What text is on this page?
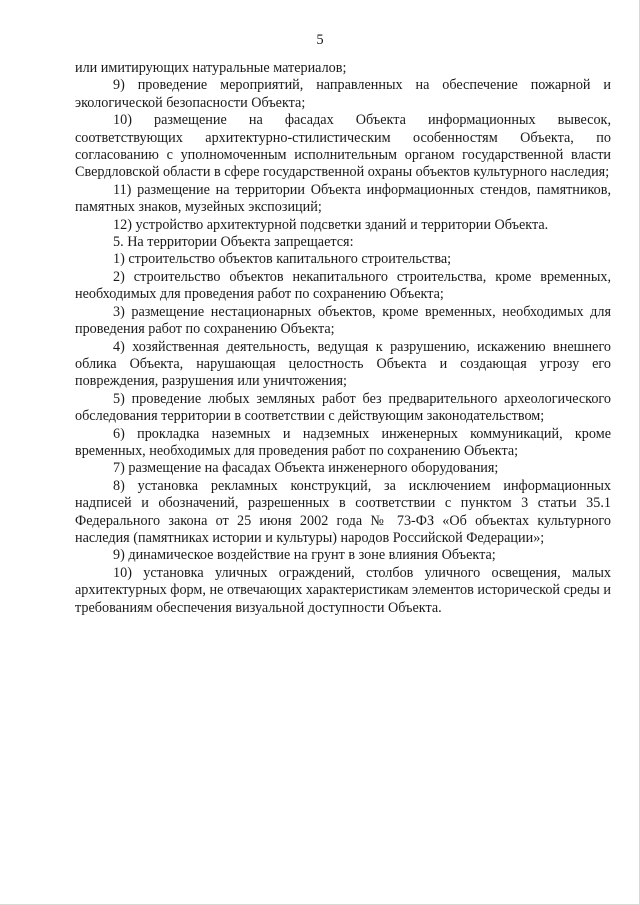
5

или имитирующих натуральные материалов;

9) проведение мероприятий, направленных на обеспечение пожарной и экологической безопасности Объекта;

10) размещение на фасадах Объекта информационных вывесок, соответствующих архитектурно-стилистическим особенностям Объекта, по согласованию с уполномоченным исполнительным органом государственной власти Свердловской области в сфере государственной охраны объектов культурного наследия;

11) размещение на территории Объекта информационных стендов, памятников, памятных знаков, музейных экспозиций;

12) устройство архитектурной подсветки зданий и территории Объекта.

5. На территории Объекта запрещается:

1) строительство объектов капитального строительства;

2) строительство объектов некапитального строительства, кроме временных, необходимых для проведения работ по сохранению Объекта;

3) размещение нестационарных объектов, кроме временных, необходимых для проведения работ по сохранению Объекта;

4) хозяйственная деятельность, ведущая к разрушению, искажению внешнего облика Объекта, нарушающая целостность Объекта и создающая угрозу его повреждения, разрушения или уничтожения;

5) проведение любых земляных работ без предварительного археологического обследования территории в соответствии с действующим законодательством;

6) прокладка наземных и надземных инженерных коммуникаций, кроме временных, необходимых для проведения работ по сохранению Объекта;

7) размещение на фасадах Объекта инженерного оборудования;

8) установка рекламных конструкций, за исключением информационных надписей и обозначений, разрешенных в соответствии с пунктом 3 статьи 35.1 Федерального закона от 25 июня 2002 года № 73-ФЗ «Об объектах культурного наследия (памятниках истории и культуры) народов Российской Федерации»;

9) динамическое воздействие на грунт в зоне влияния Объекта;

10) установка уличных ограждений, столбов уличного освещения, малых архитектурных форм, не отвечающих характеристикам элементов исторической среды и требованиям обеспечения визуальной доступности Объекта.
